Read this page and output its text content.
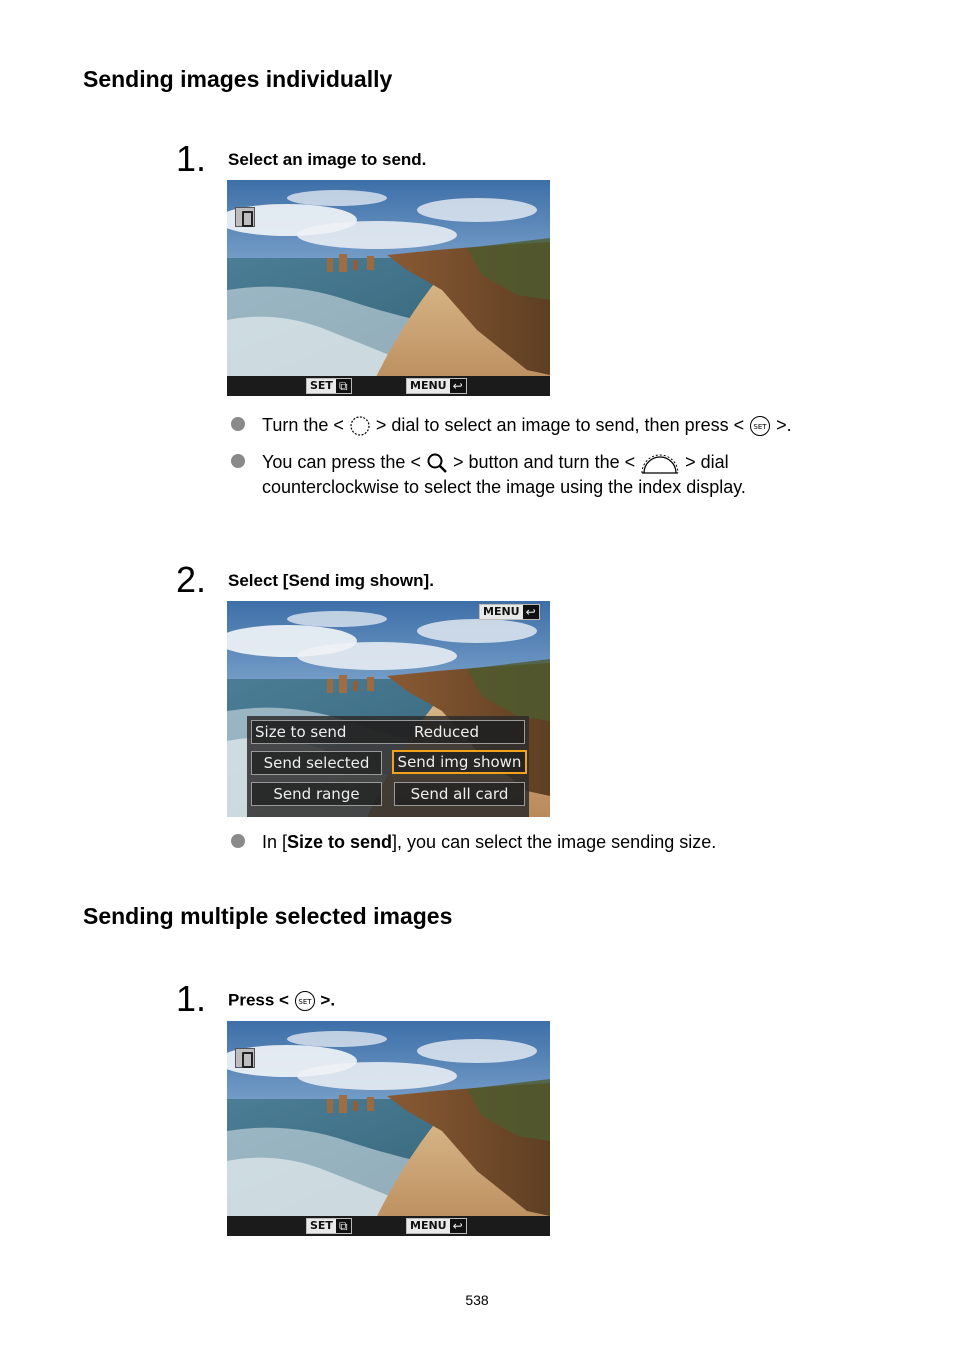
Sending images individually
1. Select an image to send.
SET ⧉	MENU ↩
Turn the <  > dial to select an image to send, then press < SET >.
You can press the <  > button and turn the <  > dial
counterclockwise to select the image using the index display.
2. Select [Send img shown].
MENU ↩
Size to send	Reduced
Send selected	Send img shown
Send range	Send all card
In [Size to send], you can select the image sending size.
Sending multiple selected images
1. Press < SET >.
SET ⧉	MENU ↩
538
